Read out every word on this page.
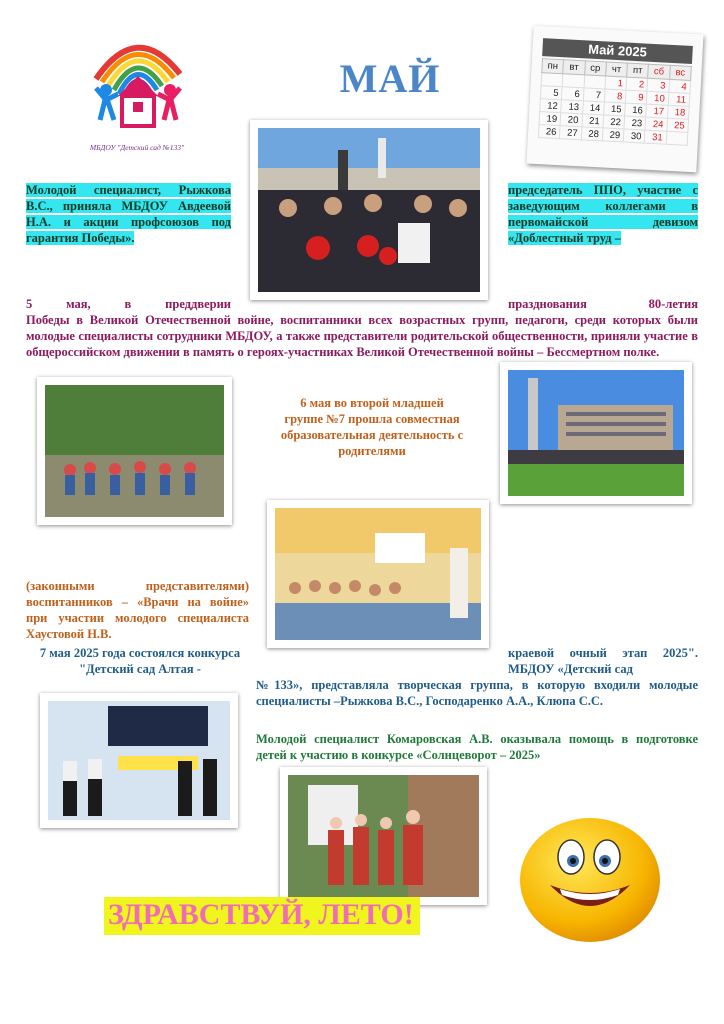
МБДОУ "Детский сад №133"
МАЙ
Май 2025
пн	вт	ср	чт	пт	сб	вс
			1	2	3	4
5	6	7	8	9	10	11
12	13	14	15	16	17	18
19	20	21	22	23	24	25
26	27	28	29	30	31	
Молодой специалист, Рыжкова В.С., приняла МБДОУ Авдеевой Н.А. и акции профсоюзов под гарантия Победы».
председатель ППО, участие с заведующим коллегами в первомайской девизом «Доблестный труд –
5 мая, в преддверии	празднования 80-летия
Победы в Великой Отечественной войне, воспитанники всех возрастных групп, педагоги, среди которых были молодые специалисты сотрудники МБДОУ, а также представители родительской общественности, приняли участие в общероссийском движении в память о героях-участниках Великой Отечественной войны – Бессмертном полке.
6 мая во второй младшей группе №7 прошла совместная образовательная деятельность с родителями
(законными представителями) воспитанников – «Врачи на войне» при участии молодого специалиста Хаустовой Н.В.
7 мая 2025 года состоялся конкурса "Детский сад Алтая -
краевой очный этап 2025". МБДОУ «Детский сад
№133», представляла творческая группа, в которую входили молодые специалисты –Рыжкова В.С., Господаренко А.А., Клюпа С.С.
Молодой специалист Комаровская А.В. оказывала помощь в подготовке детей к участию в конкурсе «Солнцеворот – 2025»
ЗДРАВСТВУЙ, ЛЕТО!
